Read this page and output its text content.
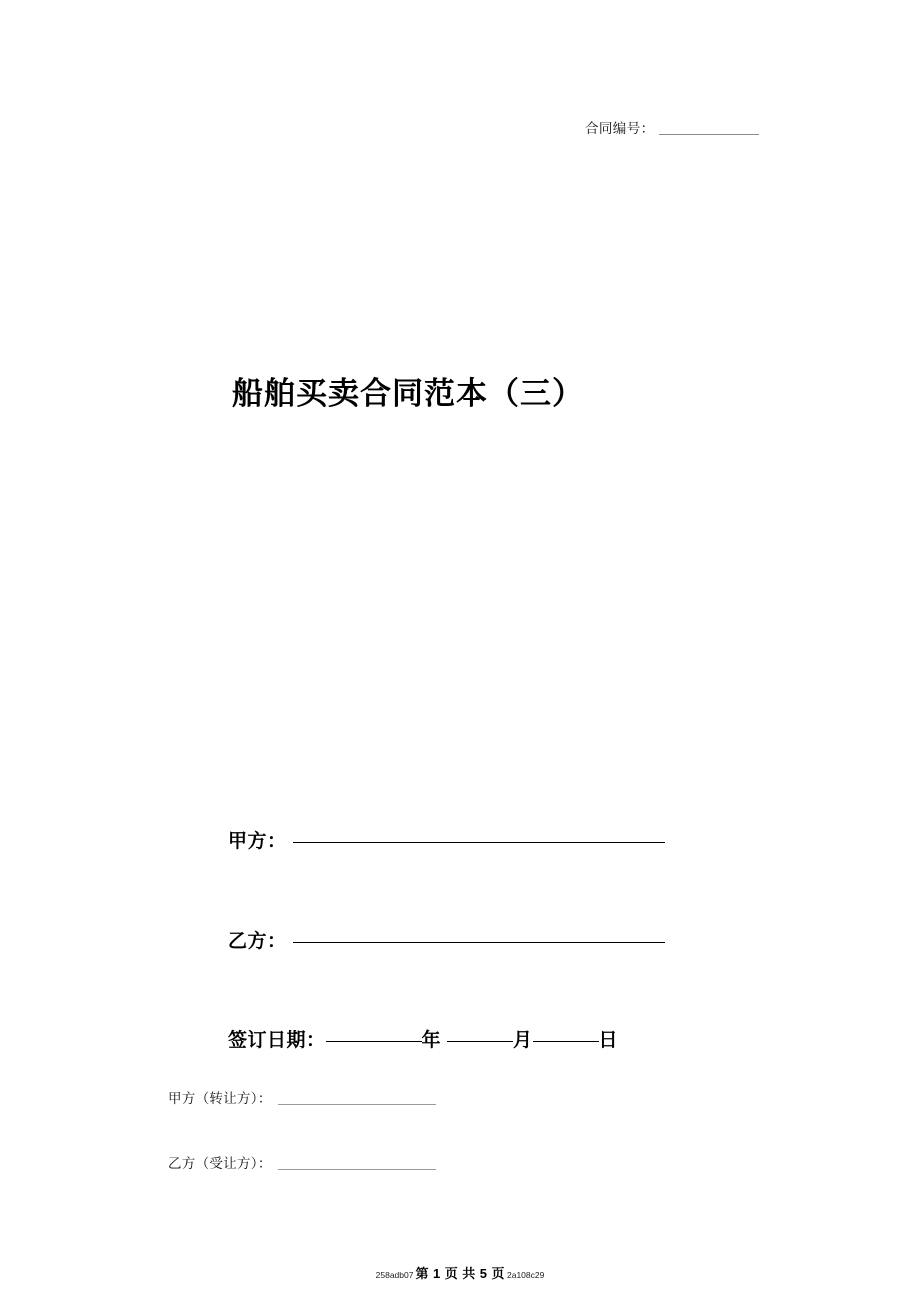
合同编号：
船舶买卖合同范本（三）
甲方：
乙方：
签订日期：	年	月	日
甲方（转让方）：
乙方（受让方）：
258adb07 第 1 页 共 5 页 2a108c29
